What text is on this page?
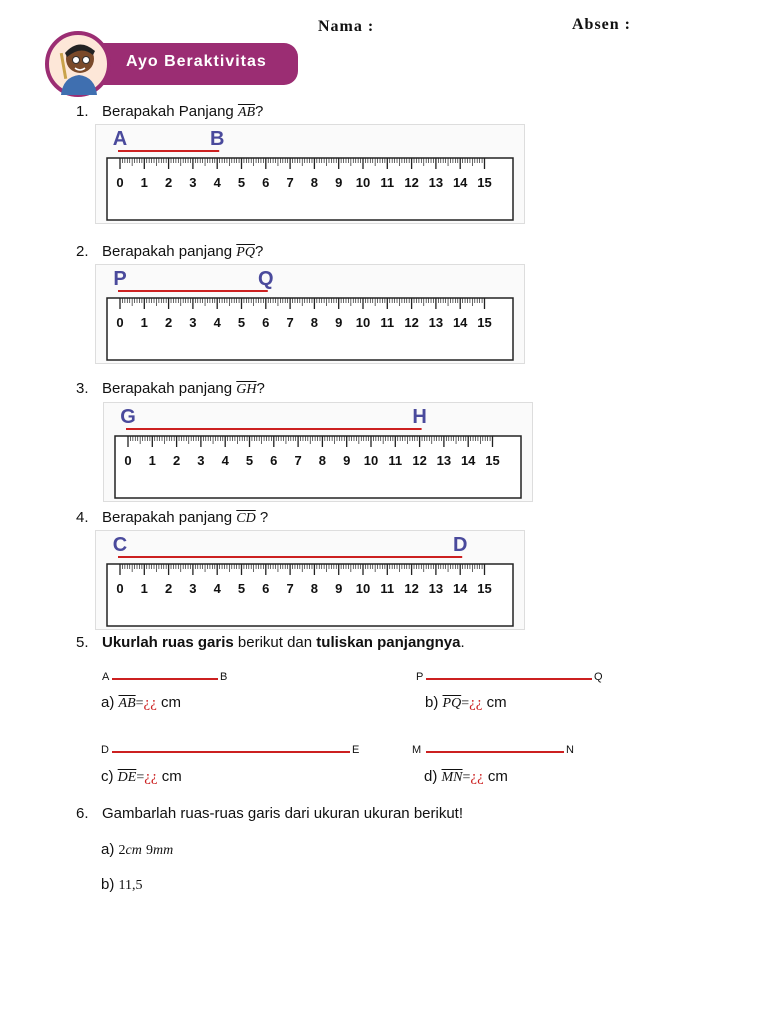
Nama :	Absen :
Ayo Beraktivitas
1. Berapakah Panjang $\overline{AB}$?
0 1 2 3 4 5 6 7 8 9 10 11 12 13 14 15
A	B
2. Berapakah panjang $\overline{PQ}$?
0 1 2 3 4 5 6 7 8 9 10 11 12 13 14 15
P	Q
3. Berapakah panjang $\overline{GH}$?
0 1 2 3 4 5 6 7 8 9 10 11 12 13 14 15
G	H
4. Berapakah panjang $\overline{CD}$ ?
0 1 2 3 4 5 6 7 8 9 10 11 12 13 14 15
C	D
5. Ukurlah ruas garis berikut dan tuliskan panjangnya.
A	B
a) $\overline{AB}=¿¿$ cm
P	Q
b) $\overline{PQ}=¿¿$ cm
D	E
c) $\overline{DE}=¿¿$ cm
M	N
d) $\overline{MN}=¿¿$ cm
6. Gambarlah ruas-ruas garis dari ukuran ukuran berikut!
a) 2cm 9mm
b) 11,5
